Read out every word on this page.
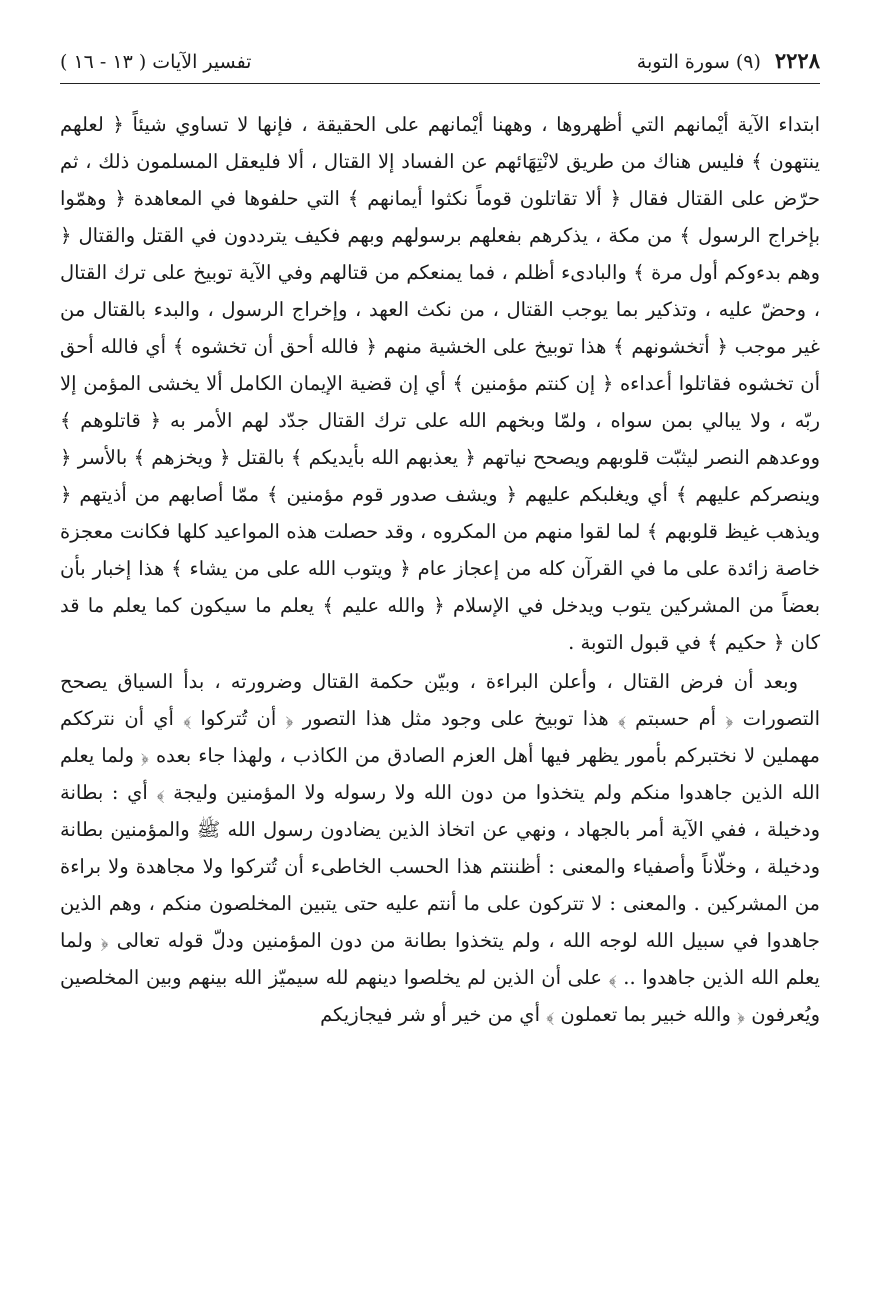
٢٢٢٨
(٩) سورة التوبة
تفسير الآيات ( ١٣ - ١٦ )

ابتداء الآية أيْمانهم التي أظهروها ، وههنا أيْمانهم على الحقيقة ، فإنها لا تساوي شيئاً ﴿ لعلهم ينتهون ﴾ فليس هناك من طريق لانْتِهَائهم عن الفساد إلا القتال ، ألا فليعقل المسلمون ذلك ، ثم حرّض على القتال فقال ﴿ ألا تقاتلون قوماً نكثوا أيمانهم ﴾ التي حلفوها في المعاهدة ﴿ وهمّوا بإخراج الرسول ﴾ من مكة ، يذكرهم بفعلهم برسولهم وبهم فكيف يترددون في القتل والقتال ﴿ وهم بدءوكم أول مرة ﴾ والبادىء أظلم ، فما يمنعكم من قتالهم وفي الآية توبيخ على ترك القتال ، وحضّ عليه ، وتذكير بما يوجب القتال ، من نكث العهد ، وإخراج الرسول ، والبدء بالقتال من غير موجب ﴿ أتخشونهم ﴾ هذا توبيخ على الخشية منهم ﴿ فالله أحق أن تخشوه ﴾ أي فالله أحق أن تخشوه فقاتلوا أعداءه ﴿ إن كنتم مؤمنين ﴾ أي إن قضية الإيمان الكامل ألا يخشى المؤمن إلا ربّه ، ولا يبالي بمن سواه ، ولمّا وبخهم الله على ترك القتال جدّد لهم الأمر به ﴿ قاتلوهم ﴾ ووعدهم النصر ليثبّت قلوبهم ويصحح نياتهم ﴿ يعذبهم الله بأيديكم ﴾ بالقتل ﴿ ويخزهم ﴾ بالأسر ﴿ وينصركم عليهم ﴾ أي ويغلبكم عليهم ﴿ ويشف صدور قوم مؤمنين ﴾ ممّا أصابهم من أذيتهم ﴿ ويذهب غيظ قلوبهم ﴾ لما لقوا منهم من المكروه ، وقد حصلت هذه المواعيد كلها فكانت معجزة خاصة زائدة على ما في القرآن كله من إعجاز عام ﴿ ويتوب الله على من يشاء ﴾ هذا إخبار بأن بعضاً من المشركين يتوب ويدخل في الإسلام ﴿ والله عليم ﴾ يعلم ما سيكون كما يعلم ما قد كان ﴿ حكيم ﴾ في قبول التوبة .

وبعد أن فرض القتال ، وأعلن البراءة ، وبيّن حكمة القتال وضرورته ، بدأ السياق يصحح التصورات ﴿ أم حسبتم ﴾ هذا توبيخ على وجود مثل هذا التصور ﴿ أن تُتركوا ﴾ أي أن نترككم مهملين لا نختبركم بأمور يظهر فيها أهل العزم الصادق من الكاذب ، ولهذا جاء بعده ﴿ ولما يعلم الله الذين جاهدوا منكم ولم يتخذوا من دون الله ولا رسوله ولا المؤمنين وليجة ﴾ أي : بطانة ودخيلة ، ففي الآية أمر بالجهاد ، ونهي عن اتخاذ الذين يضادون رسول الله ﷺ والمؤمنين بطانة ودخيلة ، وخلّاناً وأصفياء والمعنى : أظننتم هذا الحسب الخاطىء أن تُتركوا ولا مجاهدة ولا براءة من المشركين . والمعنى : لا تتركون على ما أنتم عليه حتى يتبين المخلصون منكم ، وهم الذين جاهدوا في سبيل الله لوجه الله ، ولم يتخذوا بطانة من دون المؤمنين ودلّ قوله تعالى ﴿ ولما يعلم الله الذين جاهدوا .. ﴾ على أن الذين لم يخلصوا دينهم لله سيميّز الله بينهم وبين المخلصين ويُعرفون ﴿ والله خبير بما تعملون ﴾ أي من خير أو شر فيجازيكم
